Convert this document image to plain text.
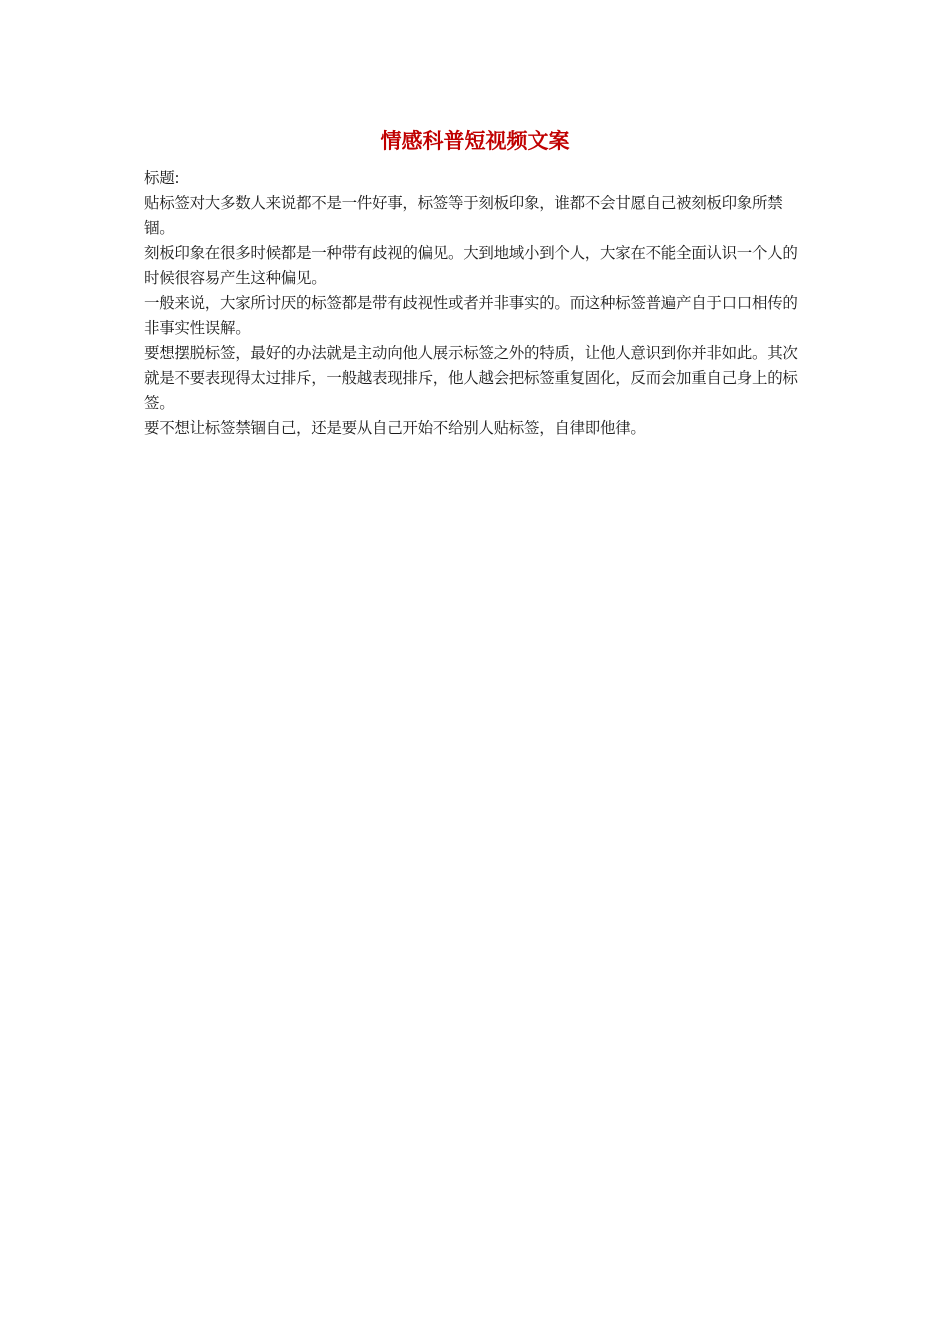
情感科普短视频文案

标题:

贴标签对大多数人来说都不是一件好事，标签等于刻板印象，谁都不会甘愿自己被刻板印象所禁锢。

刻板印象在很多时候都是一种带有歧视的偏见。大到地域小到个人，大家在不能全面认识一个人的时候很容易产生这种偏见。

一般来说，大家所讨厌的标签都是带有歧视性或者并非事实的。而这种标签普遍产自于口口相传的非事实性误解。

要想摆脱标签，最好的办法就是主动向他人展示标签之外的特质，让他人意识到你并非如此。其次就是不要表现得太过排斥，一般越表现排斥，他人越会把标签重复固化，反而会加重自己身上的标签。

要不想让标签禁锢自己，还是要从自己开始不给别人贴标签，自律即他律。
